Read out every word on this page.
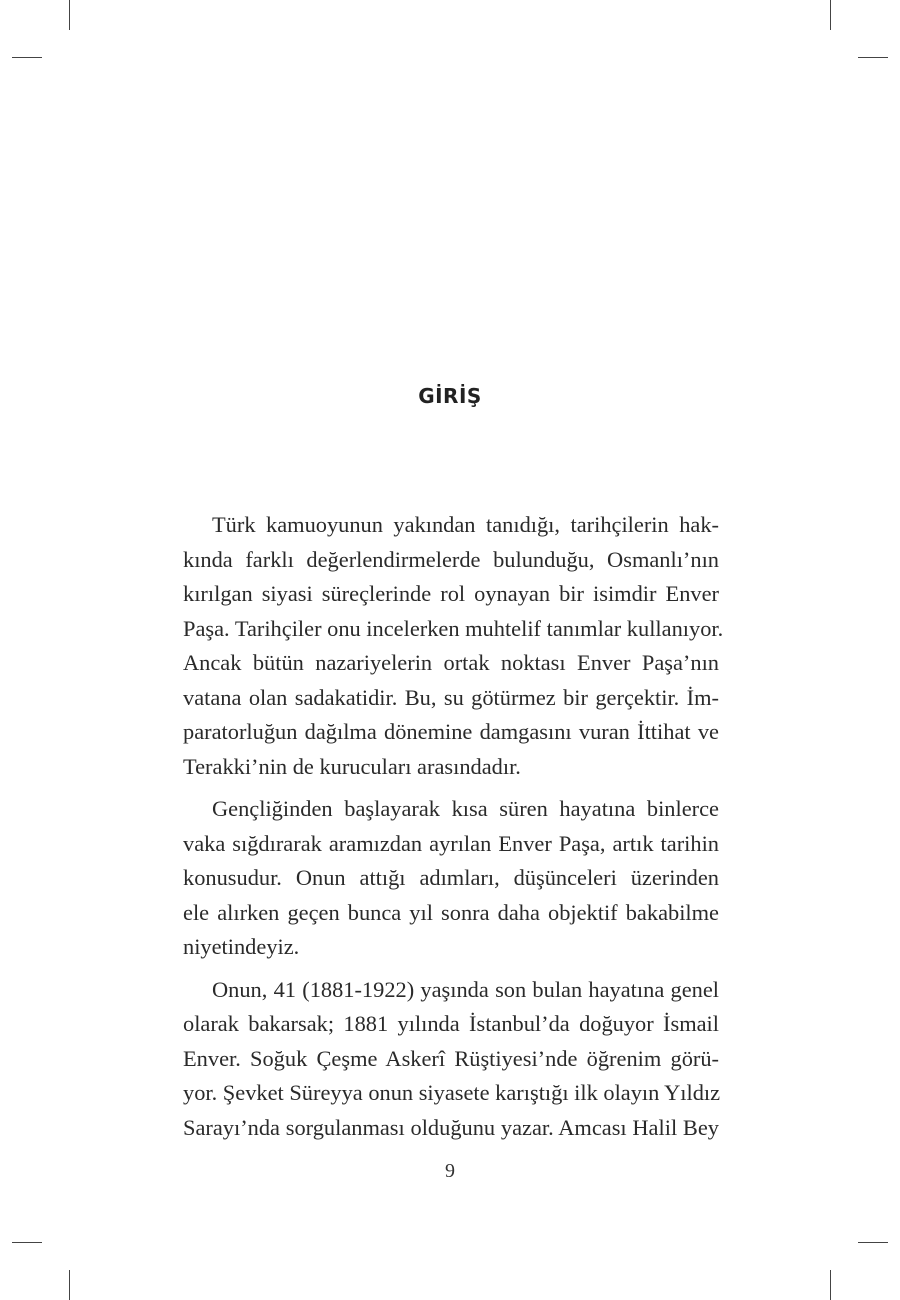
GİRİŞ
Türk kamuoyunun yakından tanıdığı, tarihçilerin hak-
kında farklı değerlendirmelerde bulunduğu, Osmanlı’nın
kırılgan siyasi süreçlerinde rol oynayan bir isimdir Enver
Paşa. Tarihçiler onu incelerken muhtelif tanımlar kullanıyor.
Ancak bütün nazariyelerin ortak noktası Enver Paşa’nın
vatana olan sadakatidir. Bu, su götürmez bir gerçektir. İm-
paratorluğun dağılma dönemine damgasını vuran İttihat ve
Terakki’nin de kurucuları arasındadır.
Gençliğinden başlayarak kısa süren hayatına binlerce
vaka sığdırarak aramızdan ayrılan Enver Paşa, artık tarihin
konusudur. Onun attığı adımları, düşünceleri üzerinden
ele alırken geçen bunca yıl sonra daha objektif bakabilme
niyetindeyiz.
Onun, 41 (1881-1922) yaşında son bulan hayatına genel
olarak bakarsak; 1881 yılında İstanbul’da doğuyor İsmail
Enver. Soğuk Çeşme Askerî Rüştiyesi’nde öğrenim görü-
yor. Şevket Süreyya onun siyasete karıştığı ilk olayın Yıldız
Sarayı’nda sorgulanması olduğunu yazar. Amcası Halil Bey
9
